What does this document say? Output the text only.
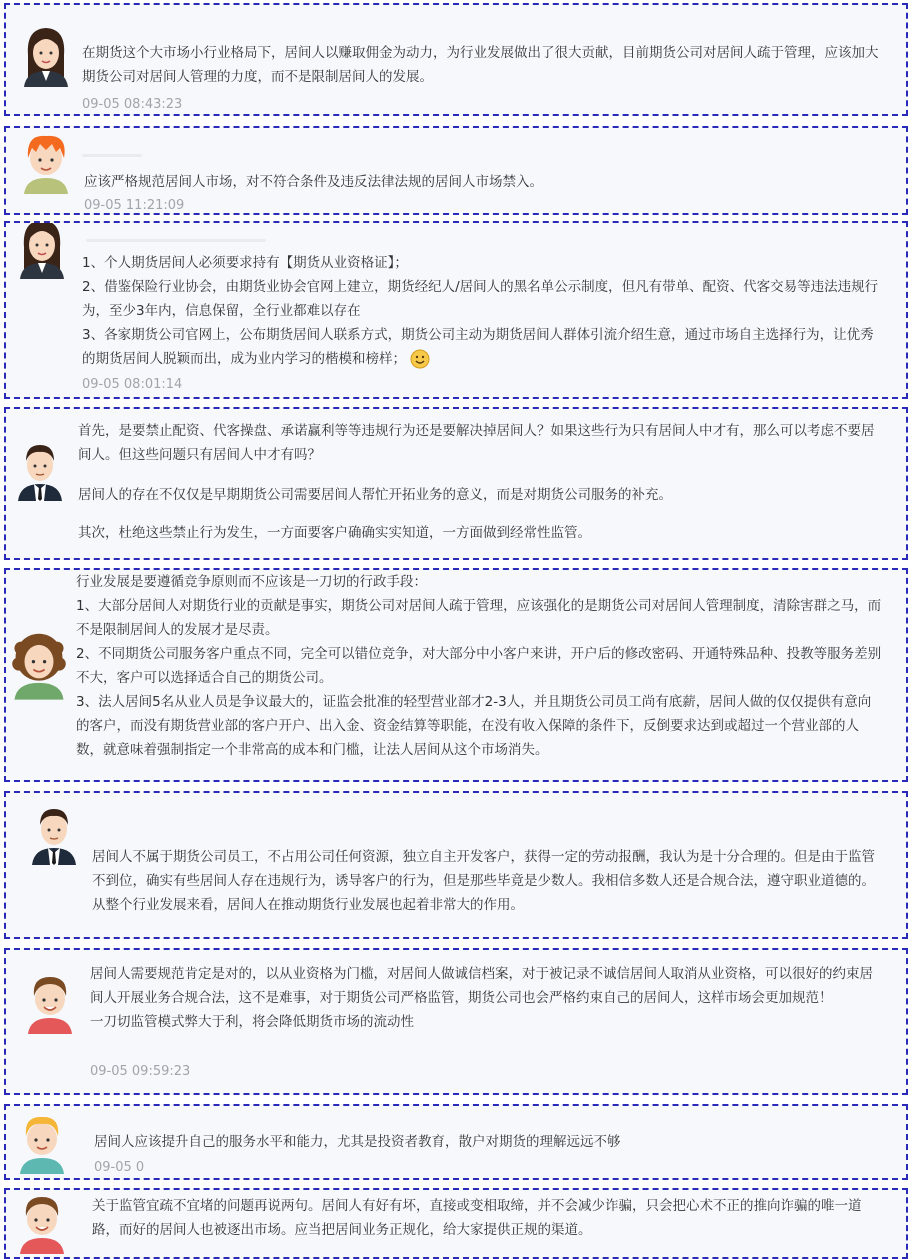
在期货这个大市场小行业格局下，居间人以赚取佣金为动力，为行业发展做出了很大贡献，目前期货公司对居间人疏于管理，应该加大期货公司对居间人管理的力度，而不是限制居间人的发展。

09-05 08:43:23

应该严格规范居间人市场，对不符合条件及违反法律法规的居间人市场禁入。

09-05 11:21:09

1、个人期货居间人必须要求持有【期货从业资格证】；

2、借鉴保险行业协会，由期货业协会官网上建立，期货经纪人/居间人的黑名单公示制度，但凡有带单、配资、代客交易等违法违规行为，至少3年内，信息保留，全行业都难以存在

3、各家期货公司官网上，公布期货居间人联系方式，期货公司主动为期货居间人群体引流介绍生意，通过市场自主选择行为，让优秀的期货居间人脱颖而出，成为业内学习的楷模和榜样；

09-05 08:01:14

首先，是要禁止配资、代客操盘、承诺赢利等等违规行为还是要解决掉居间人？如果这些行为只有居间人中才有，那么可以考虑不要居间人。但这些问题只有居间人中才有吗？

居间人的存在不仅仅是早期期货公司需要居间人帮忙开拓业务的意义，而是对期货公司服务的补充。

其次，杜绝这些禁止行为发生，一方面要客户确确实实知道，一方面做到经常性监管。

行业发展是要遵循竞争原则而不应该是一刀切的行政手段：

1、大部分居间人对期货行业的贡献是事实，期货公司对居间人疏于管理，应该强化的是期货公司对居间人管理制度，清除害群之马，而不是限制居间人的发展才是尽责。

2、不同期货公司服务客户重点不同，完全可以错位竞争，对大部分中小客户来讲，开户后的修改密码、开通特殊品种、投教等服务差别不大，客户可以选择适合自己的期货公司。

3、法人居间5名从业人员是争议最大的，证监会批准的轻型营业部才2-3人，并且期货公司员工尚有底薪，居间人做的仅仅提供有意向的客户，而没有期货营业部的客户开户、出入金、资金结算等职能，在没有收入保障的条件下，反倒要求达到或超过一个营业部的人数，就意味着强制指定一个非常高的成本和门槛，让法人居间从这个市场消失。

居间人不属于期货公司员工，不占用公司任何资源，独立自主开发客户，获得一定的劳动报酬，我认为是十分合理的。但是由于监管不到位，确实有些居间人存在违规行为，诱导客户的行为，但是那些毕竟是少数人。我相信多数人还是合规合法，遵守职业道德的。从整个行业发展来看，居间人在推动期货行业发展也起着非常大的作用。

居间人需要规范肯定是对的，以从业资格为门槛，对居间人做诚信档案，对于被记录不诚信居间人取消从业资格，可以很好的约束居间人开展业务合规合法，这不是难事，对于期货公司严格监管，期货公司也会严格约束自己的居间人，这样市场会更加规范！

一刀切监管模式弊大于利，将会降低期货市场的流动性

09-05 09:59:23

居间人应该提升自己的服务水平和能力，尤其是投资者教育，散户对期货的理解远远不够

09-05 0

关于监管宜疏不宜堵的问题再说两句。居间人有好有坏，直接或变相取缔，并不会减少诈骗，只会把心术不正的推向诈骗的唯一道路，而好的居间人也被逐出市场。应当把居间业务正规化，给大家提供正规的渠道。
